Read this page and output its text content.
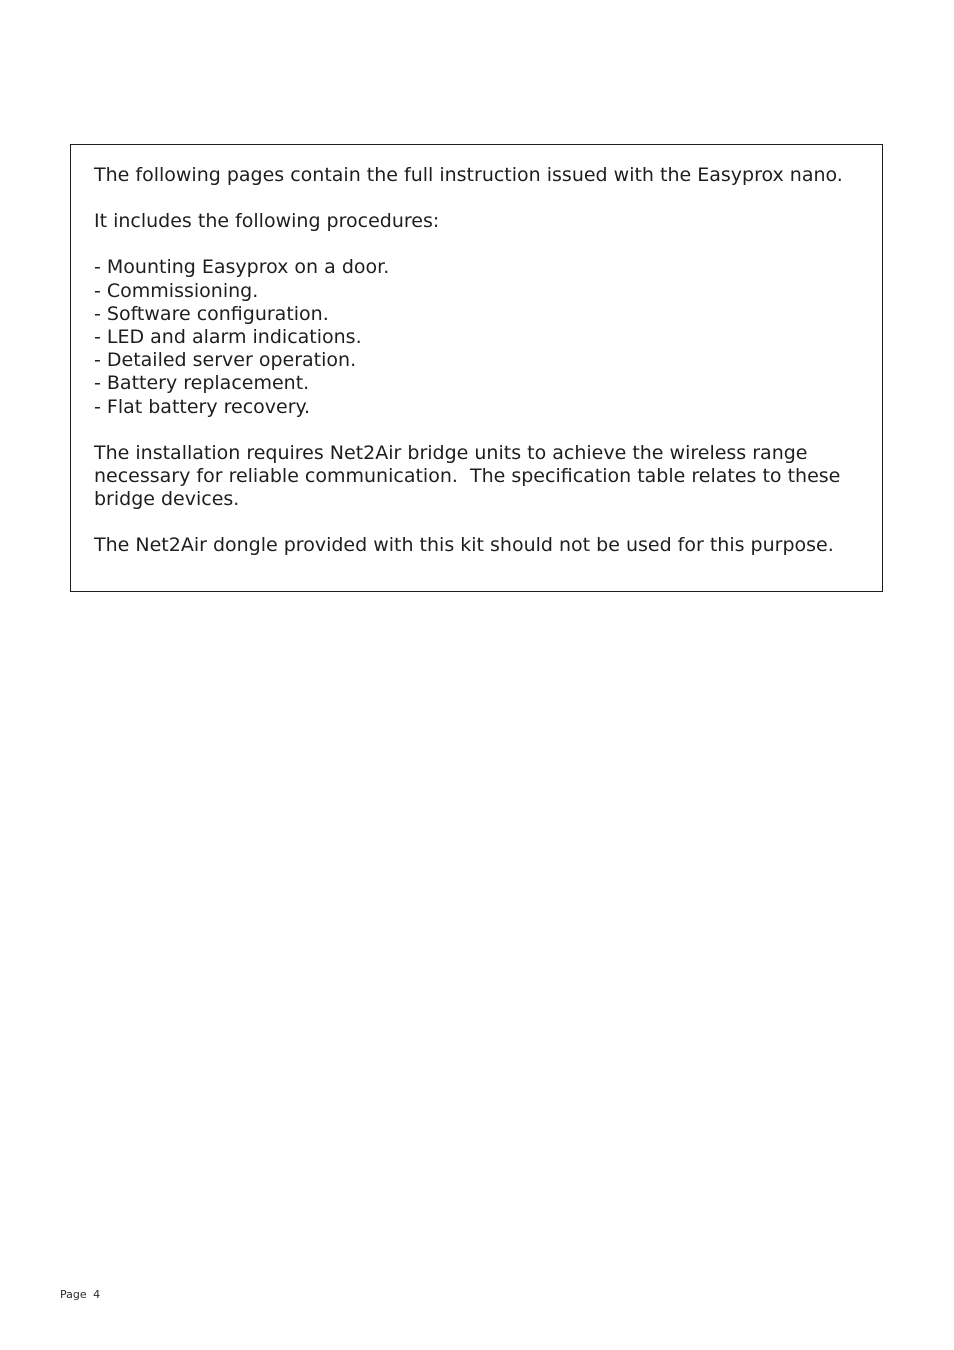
The following pages contain the full instruction issued with the Easyprox nano.

It includes the following procedures:

- Mounting Easyprox on a door.
- Commissioning.
- Software configuration.
- LED and alarm indications.
- Detailed server operation.
- Battery replacement.
- Flat battery recovery.

The installation requires Net2Air bridge units to achieve the wireless range
necessary for reliable communication.  The specification table relates to these
bridge devices.

The Net2Air dongle provided with this kit should not be used for this purpose.

Page 4
